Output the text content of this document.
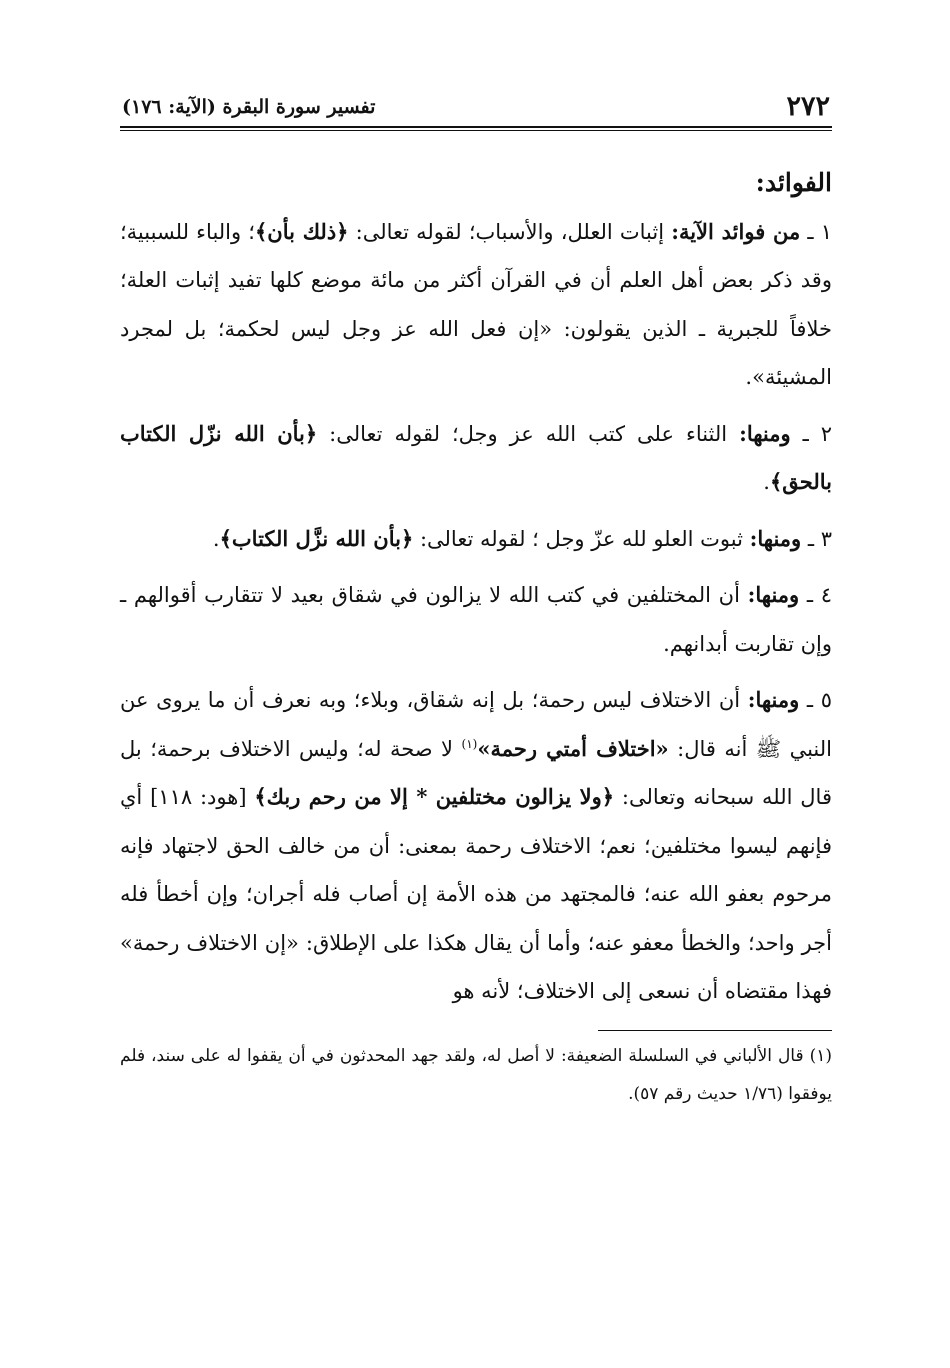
٢٧٢
تفسير سورة البقرة (الآية: ١٧٦)
الفوائد:

١ ـ من فوائد الآية: إثبات العلل، والأسباب؛ لقوله تعالى: ﴿ذلك بأن﴾؛ والباء للسببية؛ وقد ذكر بعض أهل العلم أن في القرآن أكثر من مائة موضع كلها تفيد إثبات العلة؛ خلافاً للجبرية ـ الذين يقولون: «إن فعل الله عز وجل ليس لحكمة؛ بل لمجرد المشيئة».

٢ ـ ومنها: الثناء على كتب الله عز وجل؛ لقوله تعالى: ﴿بأن الله نزّل الكتاب بالحق﴾.

٣ ـ ومنها: ثبوت العلو لله عزّ وجل ؛ لقوله تعالى: ﴿بأن الله نزَّل الكتاب﴾.

٤ ـ ومنها: أن المختلفين في كتب الله لا يزالون في شقاق بعيد لا تتقارب أقوالهم ـ وإن تقاربت أبدانهم.

٥ ـ ومنها: أن الاختلاف ليس رحمة؛ بل إنه شقاق، وبلاء؛ وبه نعرف أن ما يروى عن النبي ﷺ أنه قال: «اختلاف أمتي رحمة»$^{(١)}$ لا صحة له؛ وليس الاختلاف برحمة؛ بل قال الله سبحانه وتعالى: ﴿ولا يزالون مختلفين * إلا من رحم ربك﴾ [هود: ١١٨] أي فإنهم ليسوا مختلفين؛ نعم؛ الاختلاف رحمة بمعنى: أن من خالف الحق لاجتهاد فإنه مرحوم بعفو الله عنه؛ فالمجتهد من هذه الأمة إن أصاب فله أجران؛ وإن أخطأ فله أجر واحد؛ والخطأ معفو عنه؛ وأما أن يقال هكذا على الإطلاق: «إن الاختلاف رحمة» فهذا مقتضاه أن نسعى إلى الاختلاف؛ لأنه هو

(١) قال الألباني في السلسلة الضعيفة: لا أصل له، ولقد جهد المحدثون في أن يقفوا له على سند، فلم يوفقوا (١/٧٦ حديث رقم ٥٧).
